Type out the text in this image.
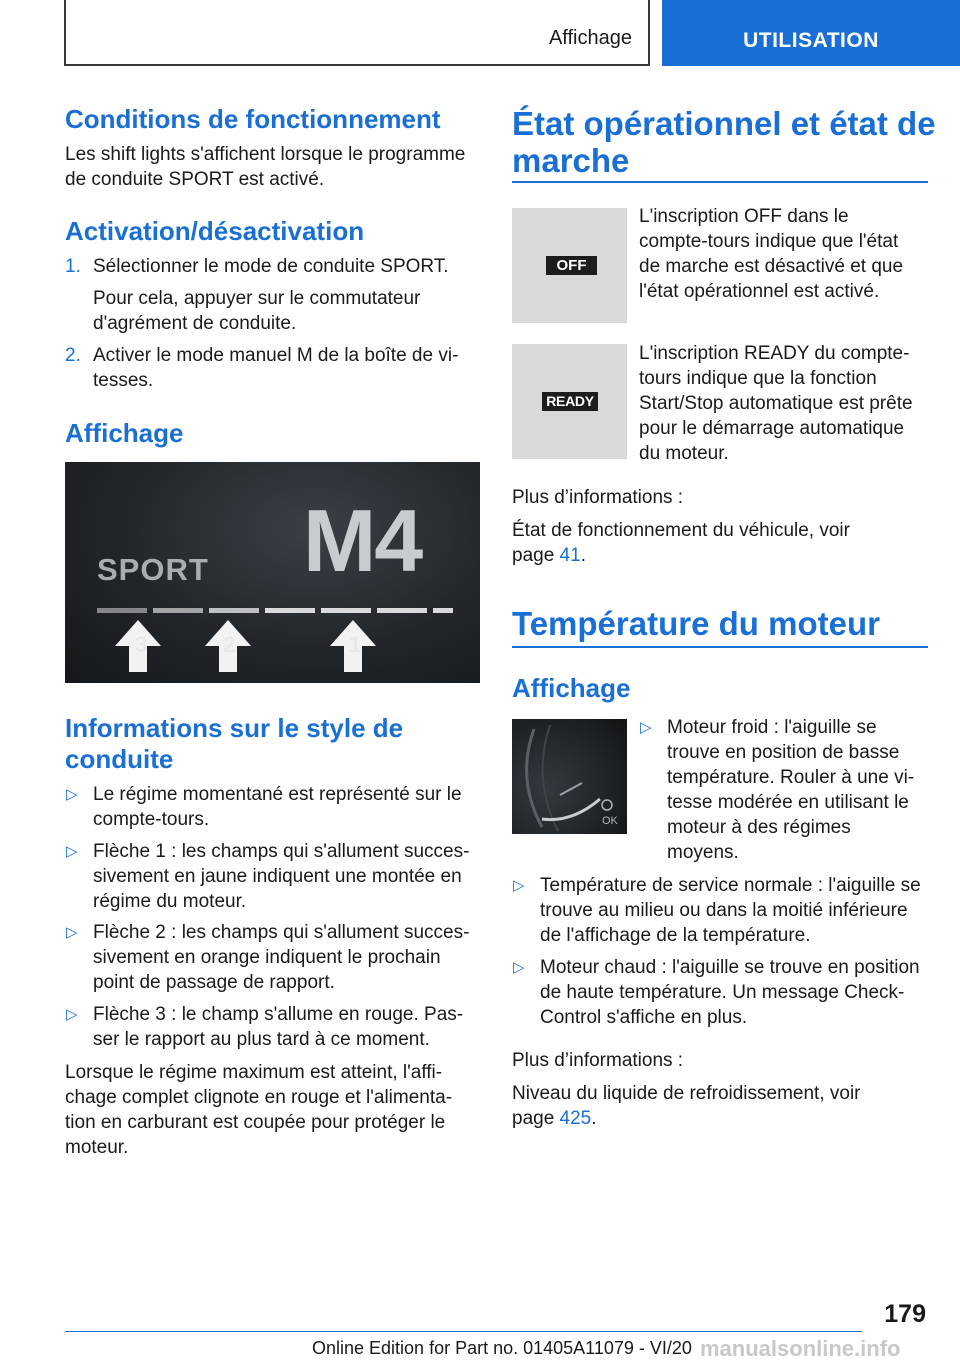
Affichage	UTILISATION
Conditions de fonctionnement
Les shift lights s'affichent lorsque le programme
de conduite SPORT est activé.
Activation/désactivation
1. Sélectionner le mode de conduite SPORT.
Pour cela, appuyer sur le commutateur
d'agrément de conduite.
2. Activer le mode manuel M de la boîte de vi-
tesses.
Affichage
SPORT M4
3	2	1
Informations sur le style de
conduite
▷ Le régime momentané est représenté sur le
compte-tours.
▷ Flèche 1 : les champs qui s'allument succes-
sivement en jaune indiquent une montée en
régime du moteur.
▷ Flèche 2 : les champs qui s'allument succes-
sivement en orange indiquent le prochain
point de passage de rapport.
▷ Flèche 3 : le champ s'allume en rouge. Pas-
ser le rapport au plus tard à ce moment.
Lorsque le régime maximum est atteint, l'affi-
chage complet clignote en rouge et l'alimenta-
tion en carburant est coupée pour protéger le
moteur.
État opérationnel et état de
marche
OFF
L'inscription OFF dans le
compte-tours indique que l'état
de marche est désactivé et que
l'état opérationnel est activé.
READY
L'inscription READY du compte-
tours indique que la fonction
Start/Stop automatique est prête
pour le démarrage automatique
du moteur.
Plus d’informations :
État de fonctionnement du véhicule, voir
page 41.
Température du moteur
Affichage
OK
▷ Moteur froid : l'aiguille se
trouve en position de basse
température. Rouler à une vi-
tesse modérée en utilisant le
moteur à des régimes
moyens.
▷ Température de service normale : l'aiguille se
trouve au milieu ou dans la moitié inférieure
de l'affichage de la température.
▷ Moteur chaud : l'aiguille se trouve en position
de haute température. Un message Check-
Control s'affiche en plus.
Plus d’informations :
Niveau du liquide de refroidissement, voir
page 425.
179
manualsonline.info
Online Edition for Part no. 01405A11079 - VI/20
